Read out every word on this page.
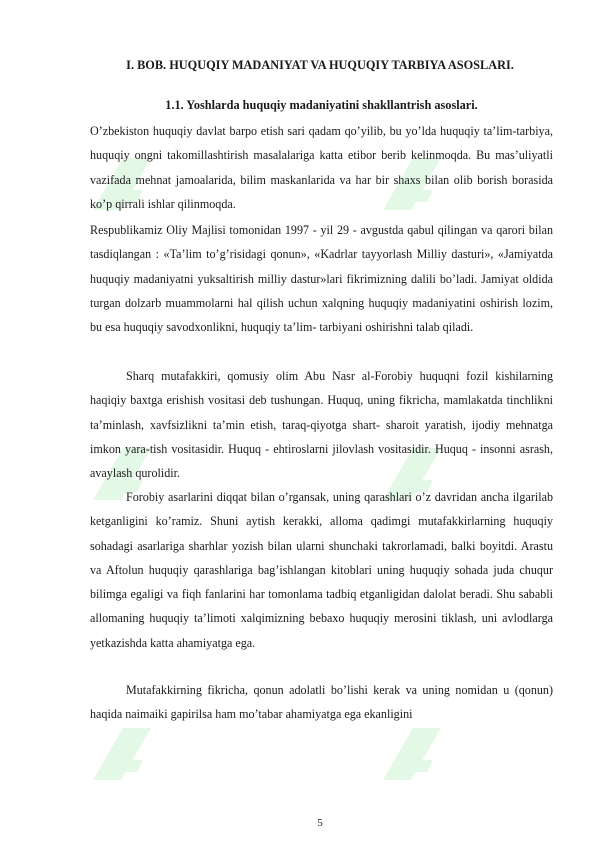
I. BOB. HUQUQIY MADANIYAT VA HUQUQIY TARBIYA ASOSLARI.
1.1. Yoshlarda huquqiy madaniyatini shakllantrish asoslari.

O’zbekiston huquqiy davlat barpo etish sari qadam qo’yilib, bu yo’lda huquqiy ta’lim-tarbiya, huquqiy ongni takomillashtirish masalalariga katta etibor berib kelinmoqda. Bu mas’uliyatli vazifada mehnat jamoalarida, bilim maskanlarida va har bir shaxs bilan olib borish borasida ko’p qirrali ishlar qilinmoqda.

Respublikamiz Oliy Majlisi tomonidan 1997 - yil 29 - avgustda qabul qilingan va qarori bilan tasdiqlangan : «Ta’lim to’g’risidagi qonun», «Kadrlar tayyorlash Milliy dasturi», «Jamiyatda huquqiy madaniyatni yuksaltirish milliy dastur»lari fikrimizning dalili bo’ladi. Jamiyat oldida turgan dolzarb muammolarni hal qilish uchun xalqning huquqiy madaniyatini oshirish lozim, bu esa huquqiy savodxonlikni, huquqiy ta’lim- tarbiyani oshirishni talab qiladi.

Sharq mutafakkiri, qomusiy olim Abu Nasr al-Forobiy huquqni fozil kishilarning haqiqiy baxtga erishish vositasi deb tushungan. Huquq, uning fikricha, mamlakatda tinchlikni ta’minlash, xavfsizlikni ta’min etish, taraq-qiyotga shart- sharoit yaratish, ijodiy mehnatga imkon yara-tish vositasidir. Huquq - ehtiroslarni jilovlash vositasidir. Huquq - insonni asrash, avaylash qurolidir.

Forobiy asarlarini diqqat bilan o’rgansak, uning qarashlari o’z davridan ancha ilgarilab ketganligini ko’ramiz. Shuni aytish kerakki, alloma qadimgi mutafakkirlarning huquqiy sohadagi asarlariga sharhlar yozish bilan ularni shunchaki takrorlamadi, balki boyitdi. Arastu va Aftolun huquqiy qarashlariga bag’ishlangan kitoblari uning huquqiy sohada juda chuqur bilimga egaligi va fiqh fanlarini har tomonlama tadbiq etganligidan dalolat beradi. Shu sababli allomaning huquqiy ta’limoti xalqimizning bebaxo huquqiy merosini tiklash, uni avlodlarga yetkazishda katta ahamiyatga ega.

Mutafakkirning fikricha, qonun adolatli bo’lishi kerak va uning nomidan u (qonun) haqida naimaiki gapirilsa ham mo’tabar ahamiyatga ega ekanligini

5
